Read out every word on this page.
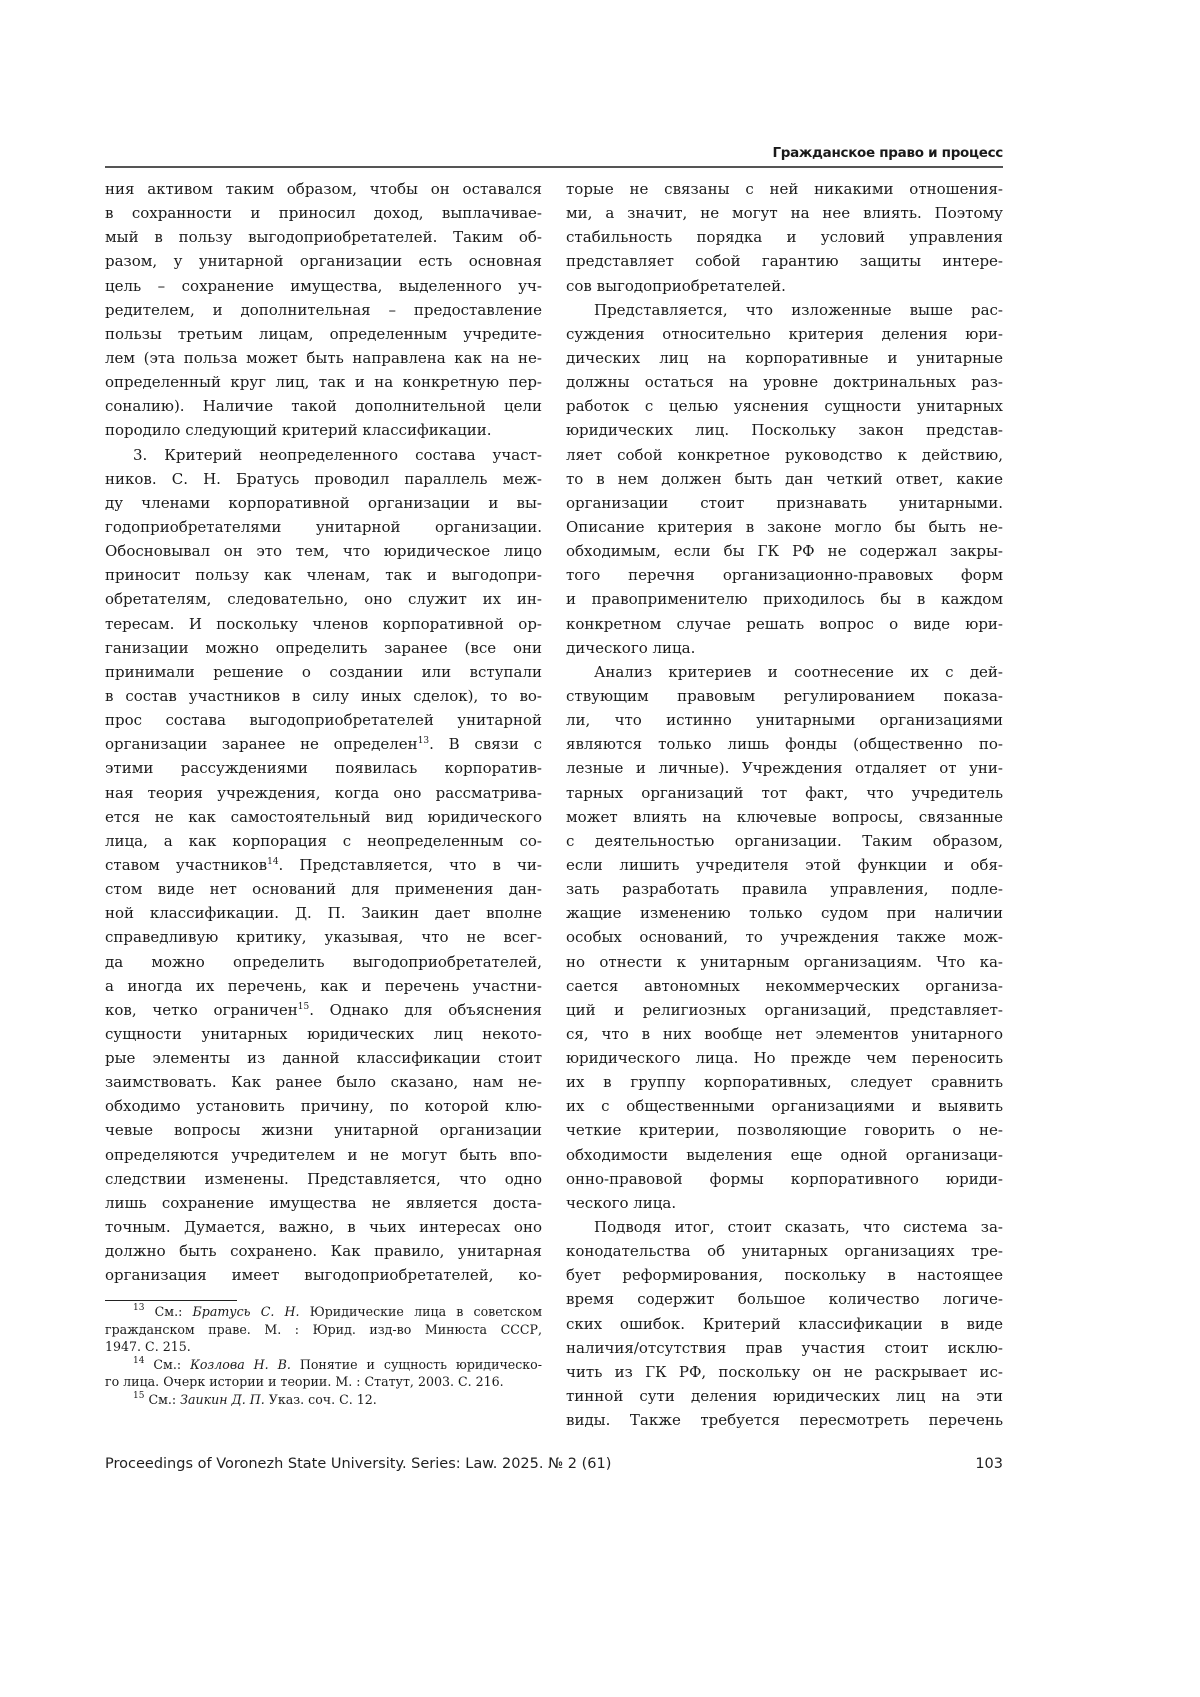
Гражданское право и процесс
ния активом таким образом, чтобы он оставался
в сохранности и приносил доход, выплачивае-
мый в пользу выгодоприобретателей. Таким об-
разом, у унитарной организации есть основная
цель – сохранение имущества, выделенного уч-
редителем, и дополнительная – предоставление
пользы третьим лицам, определенным учредите-
лем (эта польза может быть направлена как на не-
определенный круг лиц, так и на конкретную пер-
соналию). Наличие такой дополнительной цели
породило следующий критерий классификации.
3. Критерий неопределенного состава участ-
ников. С. Н. Братусь проводил параллель меж-
ду членами корпоративной организации и вы-
годоприобретателями унитарной организации.
Обосновывал он это тем, что юридическое лицо
приносит пользу как членам, так и выгодопри-
обретателям, следовательно, оно служит их ин-
тересам. И поскольку членов корпоративной ор-
ганизации можно определить заранее (все они
принимали решение о создании или вступали
в состав участников в силу иных сделок), то во-
прос состава выгодоприобретателей унитарной
организации заранее не определен13. В связи с
этими рассуждениями появилась корпоратив-
ная теория учреждения, когда оно рассматрива-
ется не как самостоятельный вид юридического
лица, а как корпорация с неопределенным со-
ставом участников14. Представляется, что в чи-
стом виде нет оснований для применения дан-
ной классификации. Д. П. Заикин дает вполне
справедливую критику, указывая, что не всег-
да можно определить выгодоприобретателей,
а иногда их перечень, как и перечень участни-
ков, четко ограничен15. Однако для объяснения
сущности унитарных юридических лиц некото-
рые элементы из данной классификации стоит
заимствовать. Как ранее было сказано, нам не-
обходимо установить причину, по которой клю-
чевые вопросы жизни унитарной организации
определяются учредителем и не могут быть впо-
следствии изменены. Представляется, что одно
лишь сохранение имущества не является доста-
точным. Думается, важно, в чьих интересах оно
должно быть сохранено. Как правило, унитарная
организация имеет выгодоприобретателей, ко-
торые не связаны с ней никакими отношения-
ми, а значит, не могут на нее влиять. Поэтому
стабильность порядка и условий управления
представляет собой гарантию защиты интере-
сов выгодоприобретателей.
Представляется, что изложенные выше рас-
суждения относительно критерия деления юри-
дических лиц на корпоративные и унитарные
должны остаться на уровне доктринальных раз-
работок с целью уяснения сущности унитарных
юридических лиц. Поскольку закон представ-
ляет собой конкретное руководство к действию,
то в нем должен быть дан четкий ответ, какие
организации стоит признавать унитарными.
Описание критерия в законе могло бы быть не-
обходимым, если бы ГК РФ не содержал закры-
того перечня организационно-правовых форм
и правоприменителю приходилось бы в каждом
конкретном случае решать вопрос о виде юри-
дического лица.
Анализ критериев и соотнесение их с дей-
ствующим правовым регулированием показа-
ли, что истинно унитарными организациями
являются только лишь фонды (общественно по-
лезные и личные). Учреждения отдаляет от уни-
тарных организаций тот факт, что учредитель
может влиять на ключевые вопросы, связанные
с деятельностью организации. Таким образом,
если лишить учредителя этой функции и обя-
зать разработать правила управления, подле-
жащие изменению только судом при наличии
особых оснований, то учреждения также мож-
но отнести к унитарным организациям. Что ка-
сается автономных некоммерческих организа-
ций и религиозных организаций, представляет-
ся, что в них вообще нет элементов унитарного
юридического лица. Но прежде чем переносить
их в группу корпоративных, следует сравнить
их с общественными организациями и выявить
четкие критерии, позволяющие говорить о не-
обходимости выделения еще одной организаци-
онно-правовой формы корпоративного юриди-
ческого лица.
Подводя итог, стоит сказать, что система за-
конодательства об унитарных организациях тре-
бует реформирования, поскольку в настоящее
время содержит большое количество логиче-
ских ошибок. Критерий классификации в виде
наличия/отсутствия прав участия стоит исклю-
чить из ГК РФ, поскольку он не раскрывает ис-
тинной сути деления юридических лиц на эти
виды. Также требуется пересмотреть перечень
13 См.: Братусь С. Н. Юридические лица в советском
гражданском праве. М. : Юрид. изд-во Минюста СССР,
1947. С. 215.
14 См.: Козлова Н. В. Понятие и сущность юридическо-
го лица. Очерк истории и теории. М. : Статут, 2003. С. 216.
15 См.: Заикин Д. П. Указ. соч. С. 12.
Proceedings of Voronezh State University. Series: Law. 2025. № 2 (61)	103
